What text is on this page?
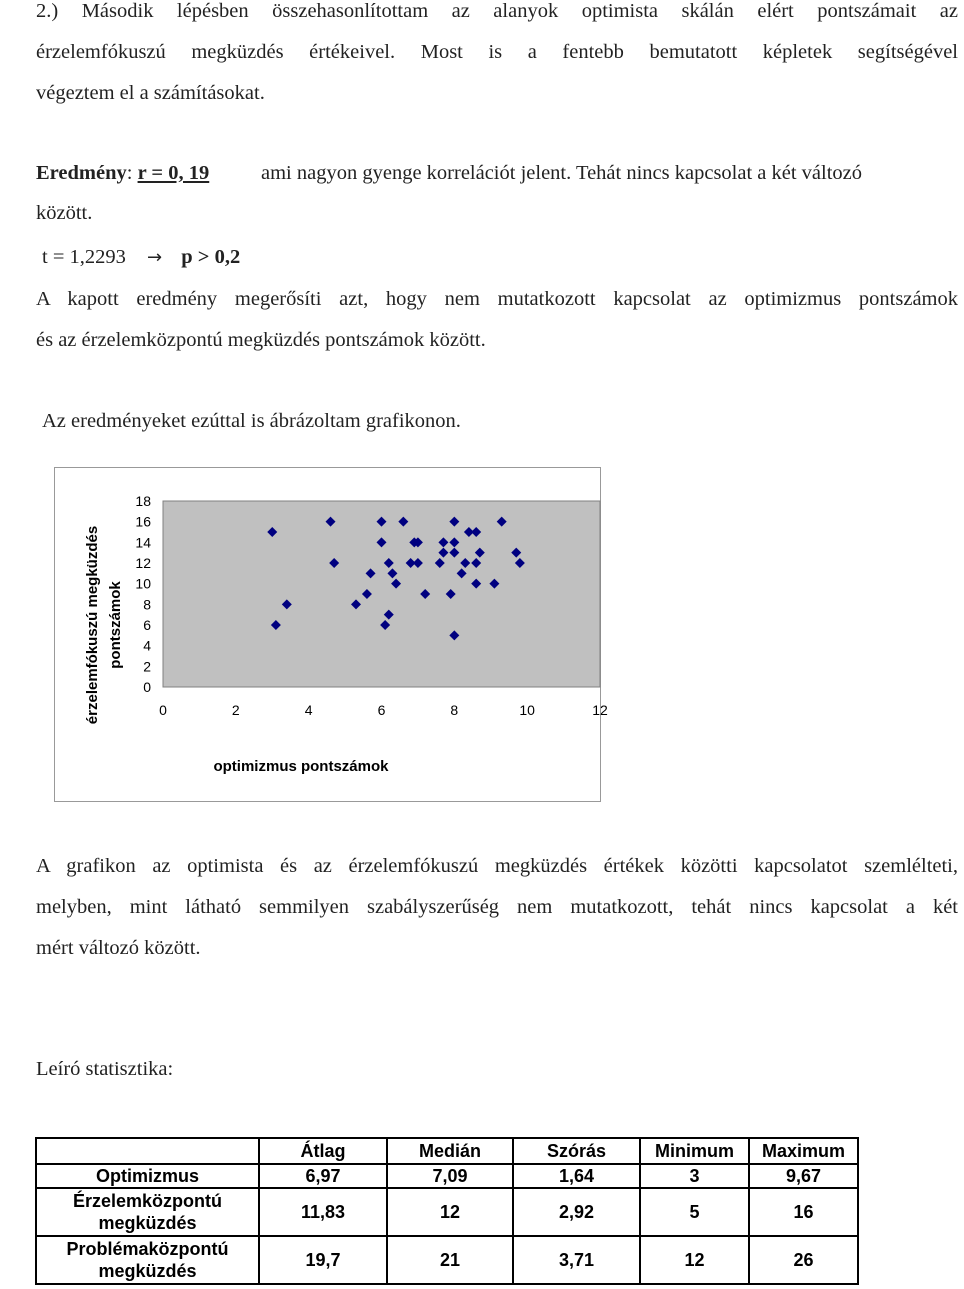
2.) Második lépésben összehasonlítottam az alanyok optimista skálán elért pontszámait az
érzelemfókuszú megküzdés értékeivel. Most is a fentebb bemutatott képletek segítségével
végeztem el a számításokat.
Eredmény: r = 0, 19	ami nagyon gyenge korrelációt jelent. Tehát nincs kapcsolat a két változó
között.
t = 1,2293 → p > 0,2
A kapott eredmény megerősíti azt, hogy nem mutatkozott kapcsolat az optimizmus pontszámok
és az érzelemközpontú megküzdés pontszámok között.
Az eredményeket ezúttal is ábrázoltam grafikonon.
0
2
4
6
8
10
12
14
16
18
0	2	4	6	8	10	12
optimizmus pontszámok
érzelemfókuszú megküzdés pontszámok
A grafikon az optimista és az érzelemfókuszú megküzdés értékek közötti kapcsolatot szemlélteti,
melyben, mint látható semmilyen szabályszerűség nem mutatkozott, tehát nincs kapcsolat a két
mért változó között.
Leíró statisztika:
	Átlag	Medián	Szórás	Minimum	Maximum
Optimizmus	6,97	7,09	1,64	3	9,67

Érzelemközpontú
megküzdés	11,83	12	2,92	5	16

Problémaközpontú
megküzdés	19,7	21	3,71	12	26
